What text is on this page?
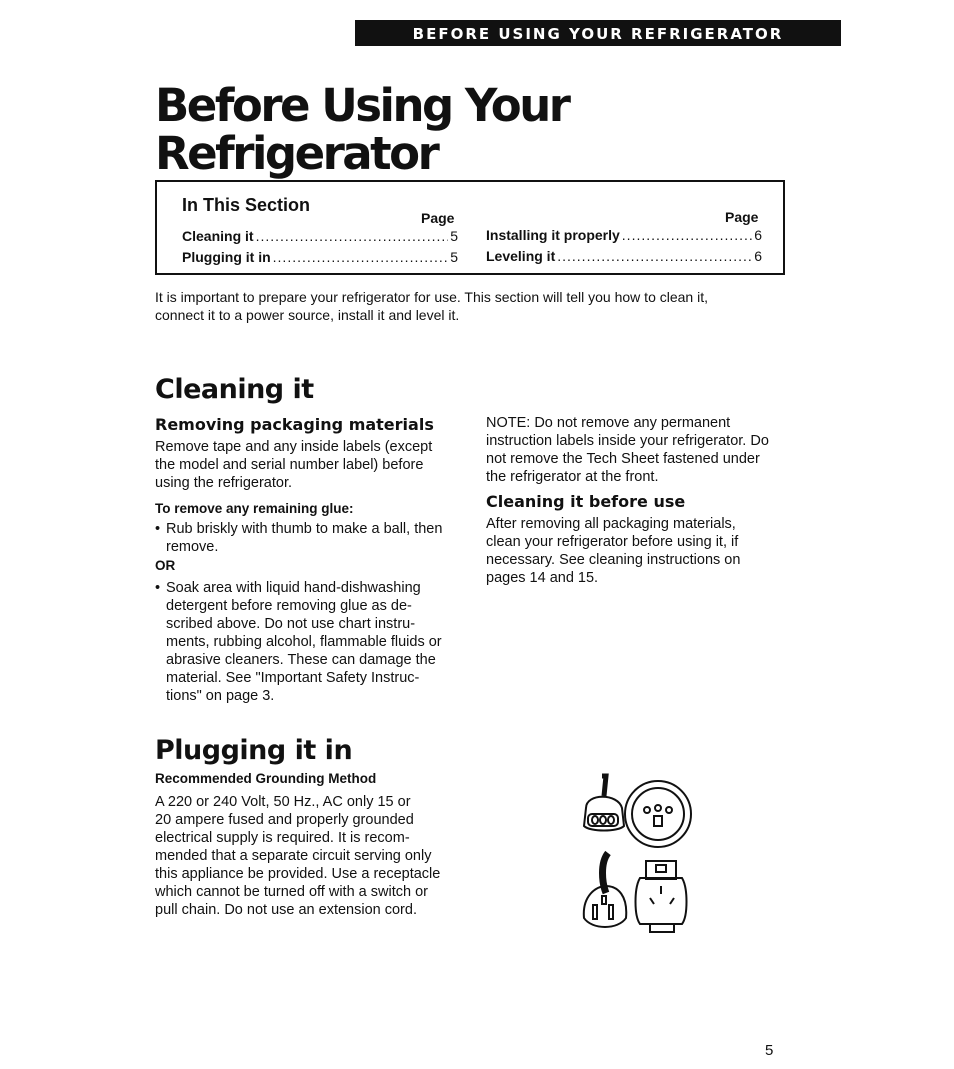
BEFORE USING YOUR REFRIGERATOR
Before Using Your
Refrigerator
In This Section
Page	Page
Cleaning it .....	5
Plugging it in .....	5
Installing it properly .....	6
Leveling it .....	6
It is important to prepare your refrigerator for use. This section will tell you how to clean it,
connect it to a power source, install it and level it.
Cleaning it
Removing packaging materials
Remove tape and any inside labels (except
the model and serial number label) before
using the refrigerator.
To remove any remaining glue:
• Rub briskly with thumb to make a ball, then
remove.
OR
• Soak area with liquid hand-dishwashing
detergent before removing glue as de-
scribed above. Do not use chart instru-
ments, rubbing alcohol, flammable fluids or
abrasive cleaners. These can damage the
material. See "Important Safety Instruc-
tions" on page 3.
NOTE: Do not remove any permanent
instruction labels inside your refrigerator. Do
not remove the Tech Sheet fastened under
the refrigerator at the front.
Cleaning it before use
After removing all packaging materials,
clean your refrigerator before using it, if
necessary. See cleaning instructions on
pages 14 and 15.
Plugging it in
Recommended Grounding Method
A 220 or 240 Volt, 50 Hz., AC only 15 or
20 ampere fused and properly grounded
electrical supply is required. It is recom-
mended that a separate circuit serving only
this appliance be provided. Use a receptacle
which cannot be turned off with a switch or
pull chain. Do not use an extension cord.
5
